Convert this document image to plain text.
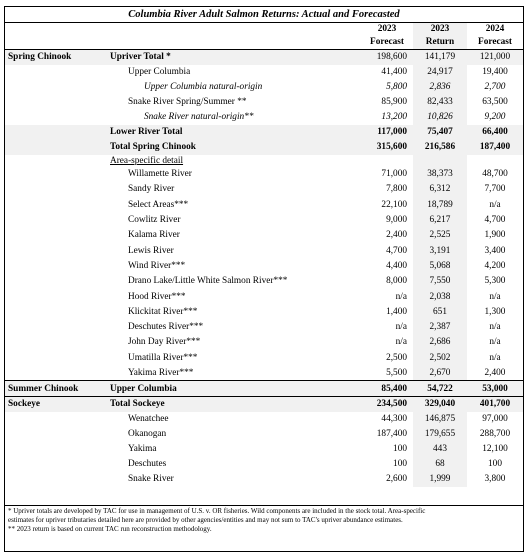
Columbia River Adult Salmon Returns: Actual and Forecasted
		2023	2023	2024
		Forecast	Return	Forecast
Spring Chinook	Upriver Total *	198,600	141,179	121,000
	Upper Columbia	41,400	24,917	19,400
	Upper Columbia natural-origin	5,800	2,836	2,700
	Snake River Spring/Summer **	85,900	82,433	63,500
	Snake River natural-origin**	13,200	10,826	9,200
	Lower River Total	117,000	75,407	66,400
	Total Spring Chinook	315,600	216,586	187,400
	Area-specific detail			
	Willamette River	71,000	38,373	48,700
	Sandy River	7,800	6,312	7,700
	Select Areas***	22,100	18,789	n/a
	Cowlitz River	9,000	6,217	4,700
	Kalama River	2,400	2,525	1,900
	Lewis River	4,700	3,191	3,400
	Wind River***	4,400	5,068	4,200
	Drano Lake/Little White Salmon River***	8,000	7,550	5,300
	Hood River***	n/a	2,038	n/a
	Klickitat River***	1,400	651	1,300
	Deschutes River***	n/a	2,387	n/a
	John Day River***	n/a	2,686	n/a
	Umatilla River***	2,500	2,502	n/a
	Yakima River***	5,500	2,670	2,400
Summer Chinook	Upper Columbia	85,400	54,722	53,000
Sockeye	Total Sockeye	234,500	329,040	401,700
	Wenatchee	44,300	146,875	97,000
	Okanogan	187,400	179,655	288,700
	Yakima	100	443	12,100
	Deschutes	100	68	100
	Snake River	2,600	1,999	3,800
* Upriver totals are developed by TAC for use in management of U.S. v. OR fisheries. Wild components are included in the stock total. Area-specific
estimates for upriver tributaries detailed here are provided by other agencies/entities and may not sum to TAC's upriver abundance estimates.
** 2023 return is based on current TAC run reconstruction methodology.
